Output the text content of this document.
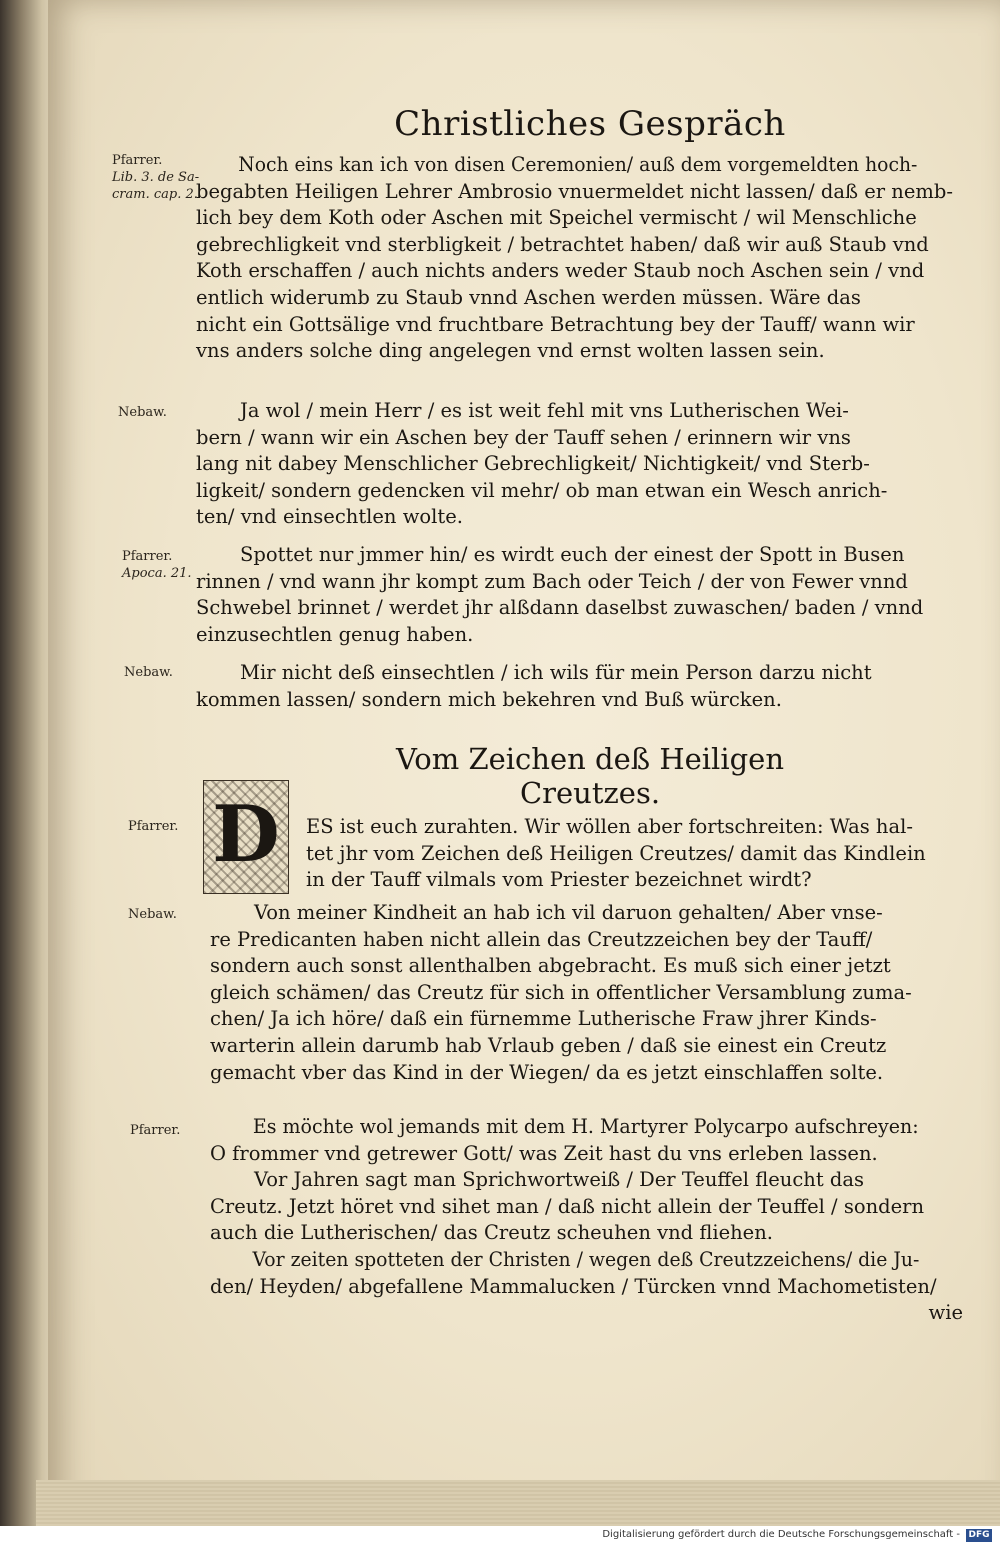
Christliches Gespräch
Pfarrer.
Lib. 3. de Sa- cram. cap. 2.
Nebaw.
Pfarrer.
Apoca. 21.
Nebaw.
Pfarrer.
Nebaw.
Pfarrer.
Noch eins kan ich von disen Ceremonien/ auß dem vorgemeldten hoch-
begabten Heiligen Lehrer Ambrosio vnuermeldet nicht lassen/ daß er nemb-
lich bey dem Koth oder Aschen mit Speichel vermischt / wil Menschliche
gebrechligkeit vnd sterbligkeit / betrachtet haben/ daß wir auß Staub vnd
Koth erschaffen / auch nichts anders weder Staub noch Aschen sein / vnd
entlich widerumb zu Staub vnnd Aschen werden müssen. Wäre das
nicht ein Gottsälige vnd fruchtbare Betrachtung bey der Tauff/ wann wir
vns anders solche ding angelegen vnd ernst wolten lassen sein.
Ja wol / mein Herr / es ist weit fehl mit vns Lutherischen Wei-
bern / wann wir ein Aschen bey der Tauff sehen / erinnern wir vns
lang nit dabey Menschlicher Gebrechligkeit/ Nichtigkeit/ vnd Sterb-
ligkeit/ sondern gedencken vil mehr/ ob man etwan ein Wesch anrich-
ten/ vnd einsechtlen wolte.
Spottet nur jmmer hin/ es wirdt euch der einest der Spott in Busen
rinnen / vnd wann jhr kompt zum Bach oder Teich / der von Fewer vnnd
Schwebel brinnet / werdet jhr alßdann daselbst zuwaschen/ baden / vnnd
einzusechtlen genug haben.
Mir nicht deß einsechtlen / ich wils für mein Person darzu nicht
kommen lassen/ sondern mich bekehren vnd Buß würcken.
Vom Zeichen deß Heiligen Creutzes.
D	ES ist euch zurahten. Wir wöllen aber fortschreiten: Was hal-
tet jhr vom Zeichen deß Heiligen Creutzes/ damit das Kindlein
in der Tauff vilmals vom Priester bezeichnet wirdt?
Von meiner Kindheit an hab ich vil daruon gehalten/ Aber vnse-
re Predicanten haben nicht allein das Creutzzeichen bey der Tauff/
sondern auch sonst allenthalben abgebracht. Es muß sich einer jetzt
gleich schämen/ das Creutz für sich in offentlicher Versamblung zuma-
chen/ Ja ich höre/ daß ein fürnemme Lutherische Fraw jhrer Kinds-
warterin allein darumb hab Vrlaub geben / daß sie einest ein Creutz
gemacht vber das Kind in der Wiegen/ da es jetzt einschlaffen solte.
Es möchte wol jemands mit dem H. Martyrer Polycarpo aufschreyen:
O frommer vnd getrewer Gott/ was Zeit hast du vns erleben lassen.
Vor Jahren sagt man Sprichwortweiß / Der Teuffel fleucht das
Creutz. Jetzt höret vnd sihet man / daß nicht allein der Teuffel / sondern
auch die Lutherischen/ das Creutz scheuhen vnd fliehen.
Vor zeiten spotteten der Christen / wegen deß Creutzzeichens/ die Ju-
den/ Heyden/ abgefallene Mammalucken / Türcken vnnd Machometisten/
wie
Digitalisierung gefördert durch die Deutsche Forschungsgemeinschaft - DFG
